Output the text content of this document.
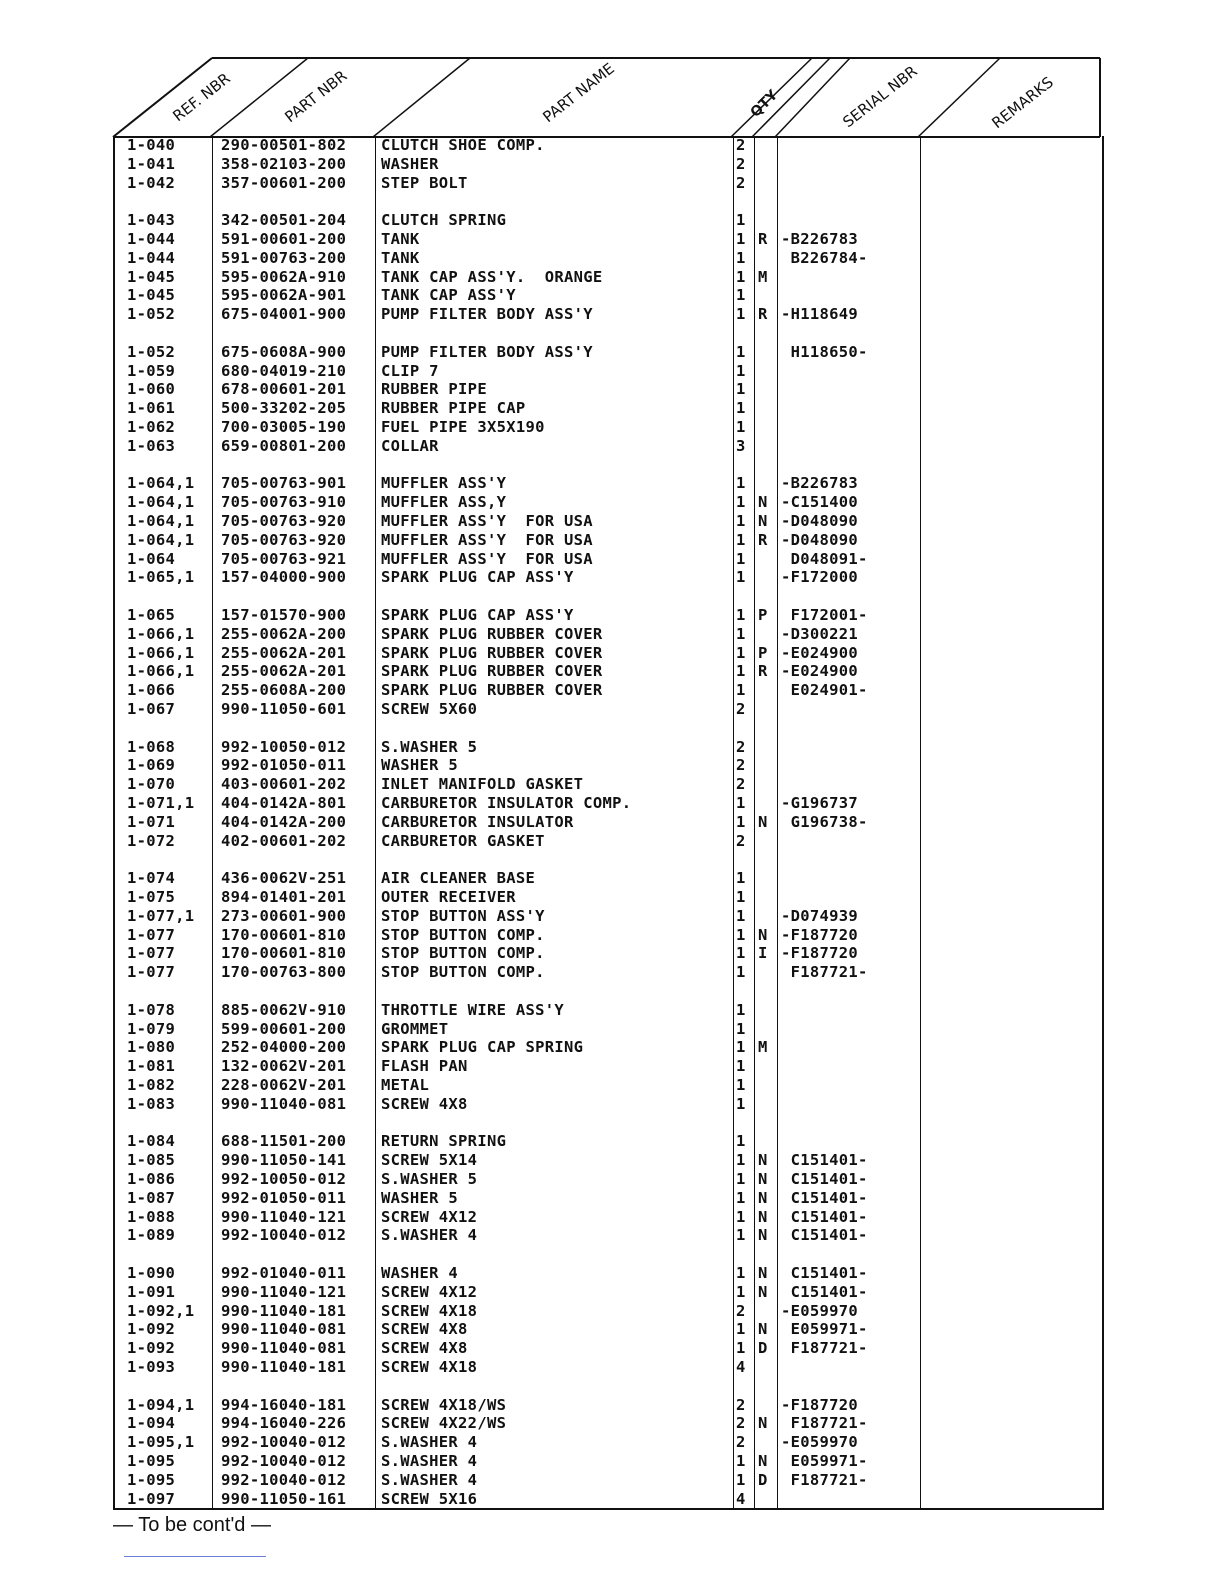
REF. NBR	PART NBR	PART NAME	QTY	SERIAL NBR	REMARKS
1-040	290-00501-802 CLUTCH SHOE COMP.	2
1-041	358-02103-200 WASHER	2
1-042	357-00601-200 STEP BOLT	2
1-043	342-00501-204 CLUTCH SPRING	1
1-044	591-00601-200 TANK	1 R -B226783
1-044	591-00763-200 TANK	1 B226784-
1-045	595-0062A-910 TANK CAP ASS'Y.  ORANGE	1 M
1-045	595-0062A-901 TANK CAP ASS'Y	1
1-052	675-04001-900 PUMP FILTER BODY ASS'Y	1 R -H118649
1-052	675-0608A-900 PUMP FILTER BODY ASS'Y	1 H118650-
1-059	680-04019-210 CLIP 7	1
1-060	678-00601-201 RUBBER PIPE	1
1-061	500-33202-205 RUBBER PIPE CAP	1
1-062	700-03005-190 FUEL PIPE 3X5X190	1
1-063	659-00801-200 COLLAR	3
1-064,1 705-00763-901 MUFFLER ASS'Y	1 -B226783
1-064,1 705-00763-910 MUFFLER ASS,Y	1 N -C151400
1-064,1 705-00763-920 MUFFLER ASS'Y  FOR USA	1 N -D048090
1-064,1 705-00763-920 MUFFLER ASS'Y  FOR USA	1 R -D048090
1-064	705-00763-921 MUFFLER ASS'Y  FOR USA	1 D048091-
1-065,1 157-04000-900 SPARK PLUG CAP ASS'Y	1 -F172000
1-065	157-01570-900 SPARK PLUG CAP ASS'Y	1 P F172001-
1-066,1 255-0062A-200 SPARK PLUG RUBBER COVER	1 -D300221
1-066,1 255-0062A-201 SPARK PLUG RUBBER COVER	1 P -E024900
1-066,1 255-0062A-201 SPARK PLUG RUBBER COVER	1 R -E024900
1-066	255-0608A-200 SPARK PLUG RUBBER COVER	1 E024901-
1-067	990-11050-601 SCREW 5X60	2
1-068	992-10050-012 S.WASHER 5	2
1-069	992-01050-011 WASHER 5	2
1-070	403-00601-202 INLET MANIFOLD GASKET	2
1-071,1 404-0142A-801 CARBURETOR INSULATOR COMP.	1 -G196737
1-071	404-0142A-200 CARBURETOR INSULATOR	1 N G196738-
1-072	402-00601-202 CARBURETOR GASKET	2
1-074	436-0062V-251 AIR CLEANER BASE	1
1-075	894-01401-201 OUTER RECEIVER	1
1-077,1 273-00601-900 STOP BUTTON ASS'Y	1 -D074939
1-077	170-00601-810 STOP BUTTON COMP.	1 N -F187720
1-077	170-00601-810 STOP BUTTON COMP.	1 I -F187720
1-077	170-00763-800 STOP BUTTON COMP.	1 F187721-
1-078	885-0062V-910 THROTTLE WIRE ASS'Y	1
1-079	599-00601-200 GROMMET	1
1-080	252-04000-200 SPARK PLUG CAP SPRING	1 M
1-081	132-0062V-201 FLASH PAN	1
1-082	228-0062V-201 METAL	1
1-083	990-11040-081 SCREW 4X8	1
1-084	688-11501-200 RETURN SPRING	1
1-085	990-11050-141 SCREW 5X14	1 N C151401-
1-086	992-10050-012 S.WASHER 5	1 N C151401-
1-087	992-01050-011 WASHER 5	1 N C151401-
1-088	990-11040-121 SCREW 4X12	1 N C151401-
1-089	992-10040-012 S.WASHER 4	1 N C151401-
1-090	992-01040-011 WASHER 4	1 N C151401-
1-091	990-11040-121 SCREW 4X12	1 N C151401-
1-092,1 990-11040-181 SCREW 4X18	2 -E059970
1-092	990-11040-081 SCREW 4X8	1 N E059971-
1-092	990-11040-081 SCREW 4X8	1 D F187721-
1-093	990-11040-181 SCREW 4X18	4
1-094,1 994-16040-181 SCREW 4X18/WS	2 -F187720
1-094	994-16040-226 SCREW 4X22/WS	2 N F187721-
1-095,1 992-10040-012 S.WASHER 4	2 -E059970
1-095	992-10040-012 S.WASHER 4	1 N E059971-
1-095	992-10040-012 S.WASHER 4	1 D F187721-
1-097	990-11050-161 SCREW 5X16	4
— To be cont'd —
